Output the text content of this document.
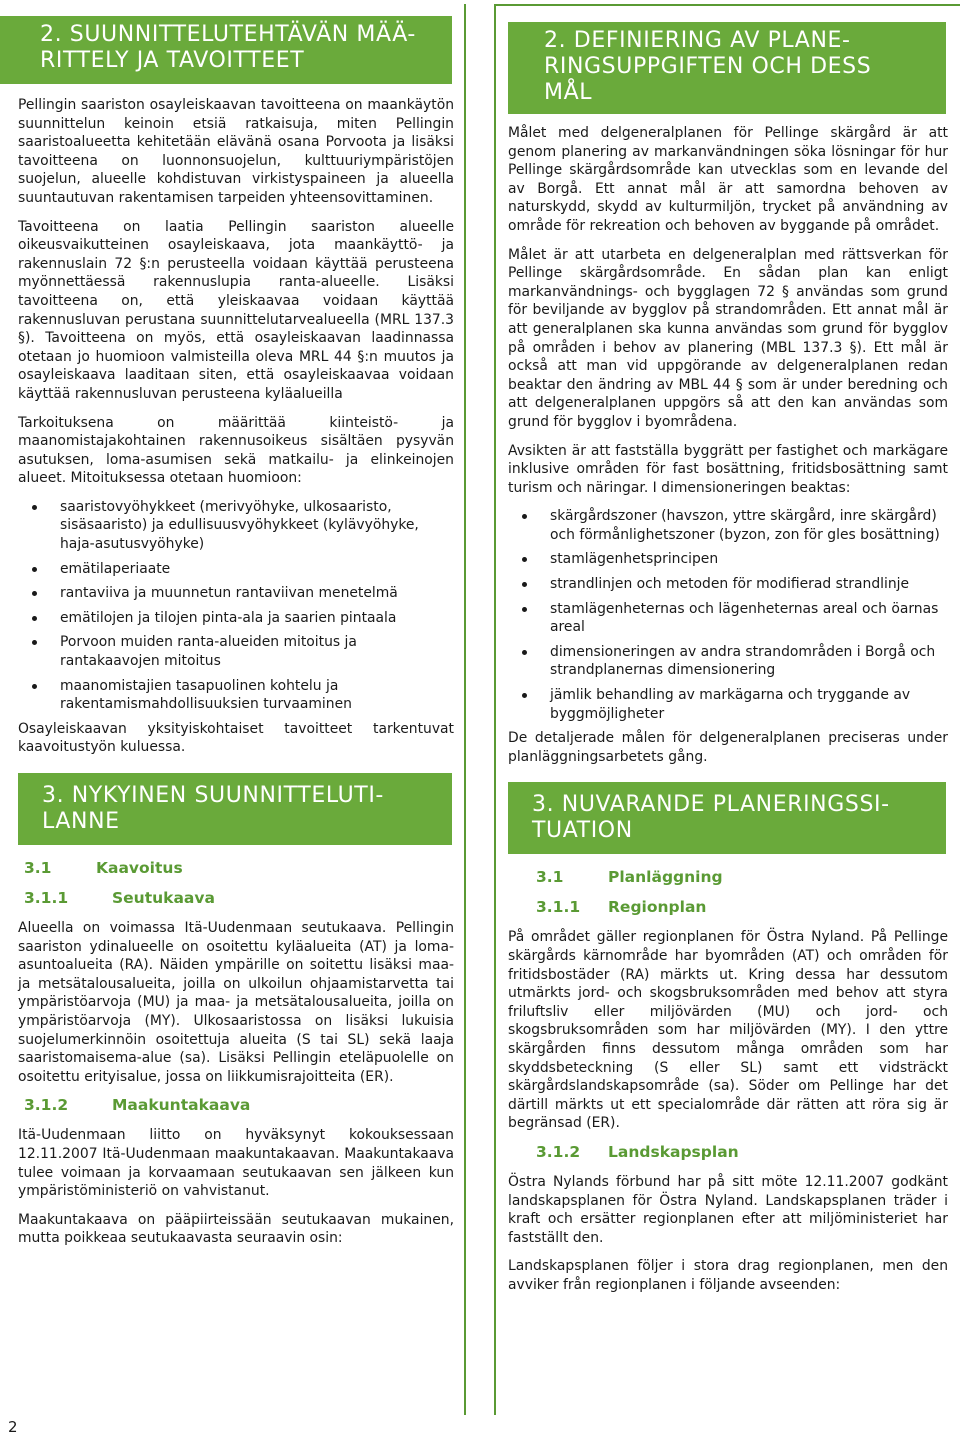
2. SUUNNITTELUTEHTÄVÄN MÄÄ-
RITTELY JA TAVOITTEET

Pellingin saariston osayleiskaavan tavoitteena on maankäytön suunnittelun keinoin etsiä ratkaisuja, miten Pellingin saaristoalueetta kehitetään elävänä osana Porvoota ja lisäksi tavoitteena on luonnonsuojelun, kulttuuriympäristöjen suojelun, alueelle kohdistuvan virkistyspaineen ja alueella suuntautuvan rakentamisen tarpeiden yhteensovittaminen.

Tavoitteena on laatia Pellingin saariston alueelle oikeusvaikutteinen osayleiskaava, jota maankäyttö- ja rakennuslain 72 §:n perusteella voidaan käyttää perusteena myönnettäessä rakennuslupia ranta-alueelle. Lisäksi tavoitteena on, että yleiskaavaa voidaan käyttää rakennusluvan perustana suunnittelutarvealueella (MRL 137.3 §). Tavoitteena on myös, että osayleiskaavan laadinnassa otetaan jo huomioon valmisteilla oleva MRL 44 §:n muutos ja osayleiskaava laaditaan siten, että osayleiskaavaa voidaan käyttää rakennusluvan perusteena kyläalueilla

Tarkoituksena on määrittää kiinteistö- ja maanomistajakohtainen rakennusoikeus sisältäen pysyvän asutuksen, loma-asumisen sekä matkailu- ja elinkeinojen alueet. Mitoituksessa otetaan huomioon:

saaristovyöhykkeet (merivyöhyke, ulkosaaristo, sisäsaaristo) ja edullisuusvyöhykkeet (kylävyöhyke, haja-asutusvyöhyke)
emätilaperiaate
rantaviiva ja muunnetun rantaviivan menetelmä
emätilojen ja tilojen pinta-ala ja saarien pintaala
Porvoon muiden ranta-alueiden mitoitus ja rantakaavojen mitoitus
maanomistajien tasapuolinen kohtelu ja rakentamismahdollisuuksien turvaaminen

Osayleiskaavan yksityiskohtaiset tavoitteet tarkentuvat kaavoitustyön kuluessa.

3. NYKYINEN SUUNNITTELUTI-
LANNE
3.1	Kaavoitus
3.1.1	Seutukaava

Alueella on voimassa Itä-Uudenmaan seutukaava. Pellingin saariston ydinalueelle on osoitettu kyläalueita (AT) ja loma-asuntoalueita (RA). Näiden ympärille on soitettu lisäksi maa- ja metsätalousalueita, joilla on ulkoilun ohjaamistarvetta tai ympäristöarvoja (MU) ja maa- ja metsätalousalueita, joilla on ympäristöarvoja (MY). Ulkosaaristossa on lisäksi lukuisia suojelumerkinnöin osoitettuja alueita (S tai SL) sekä laaja saaristomaisema-alue (sa). Lisäksi Pellingin eteläpuolelle on osoitettu erityisalue, jossa on liikkumisrajoitteita (ER).

3.1.2	Maakuntakaava

Itä-Uudenmaan liitto on hyväksynyt kokouksessaan 12.11.2007 Itä-Uudenmaan maakuntakaavan. Maakuntakaava tulee voimaan ja korvaamaan seutukaavan sen jälkeen kun ympäristöministeriö on vahvistanut.

Maakuntakaava on pääpiirteissään seutukaavan mukainen, mutta poikkeaa seutukaavasta seuraavin osin:

2. DEFINIERING AV PLANE-
RINGSUPPGIFTEN OCH DESS
MÅL

Målet med delgeneralplanen för Pellinge skärgård är att genom planering av markanvändningen söka lösningar för hur Pellinge skärgårdsområde kan utvecklas som en levande del av Borgå. Ett annat mål är att samordna behoven av naturskydd, skydd av kulturmiljön, trycket på användning av område för rekreation och behoven av byggande på området.

Målet är att utarbeta en delgeneralplan med rättsverkan för Pellinge skärgårdsområde. En sådan plan kan enligt markanvändnings- och bygglagen 72 § användas som grund för beviljande av bygglov på strandområden. Ett annat mål är att generalplanen ska kunna användas som grund för bygglov på områden i behov av planering (MBL 137.3 §). Ett mål är också att man vid uppgörande av delgeneralplanen redan beaktar den ändring av MBL 44 § som är under beredning och att delgeneralplanen uppgörs så att den kan användas som grund för bygglov i byområdena.

Avsikten är att fastställa byggrätt per fastighet och markägare inklusive områden för fast bosättning, fritidsbosättning samt turism och näringar. I dimensioneringen beaktas:

skärgårdszoner (havszon, yttre skärgård, inre skärgård) och förmånlighetszoner (byzon, zon för gles bosättning)
stamlägenhetsprincipen
strandlinjen och metoden för modifierad strandlinje
stamlägenheternas och lägenheternas areal och öarnas areal
dimensioneringen av andra strandområden i Borgå och strandplanernas dimensionering
jämlik behandling av markägarna och tryggande av byggmöjligheter

De detaljerade målen för delgeneralplanen preciseras under planläggningsarbetets gång.

3. NUVARANDE PLANERINGSSI-
TUATION
3.1	Planläggning
3.1.1 Regionplan

På området gäller regionplanen för Östra Nyland. På Pellinge skärgårds kärnområde har byområden (AT) och områden för fritidsbostäder (RA) märkts ut. Kring dessa har dessutom utmärkts jord- och skogsbruksområden med behov att styra friluftsliv eller miljövärden (MU) och jord- och skogsbruksområden som har miljövärden (MY). I den yttre skärgården finns dessutom många områden som har skyddsbeteckning (S eller SL) samt ett vidsträckt skärgårdslandskapsområde (sa). Söder om Pellinge har det därtill märkts ut ett specialområde där rätten att röra sig är begränsad (ER).

3.1.2 Landskapsplan

Östra Nylands förbund har på sitt möte 12.11.2007 godkänt landskapsplanen för Östra Nyland. Landskapsplanen träder i kraft och ersätter regionplanen efter att miljöministeriet har fastställt den.

Landskapsplanen följer i stora drag regionplanen, men den avviker från regionplanen i följande avseenden:

2
